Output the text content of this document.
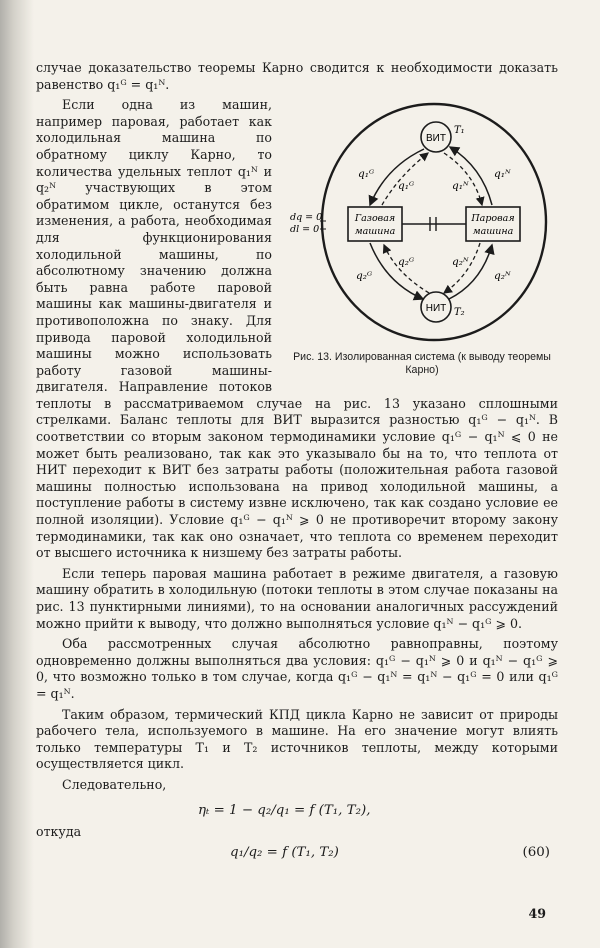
случае доказательство теоремы Карно сводится к необходимости доказать равенство q₁ᴳ = q₁ᴺ.

ВИТ
T₁
НИТ T₂
Газовая
машина
Паровая
машина
dq = 0
dl = 0
q₁ᴳ
q₁ᴳ	q₁ᴺ
q₁ᴺ
q₂ᴳ
q₂ᴳ	q₂ᴺ
q₂ᴺ
Рис. 13. Изолированная система (к выводу теоремы Карно)

Если одна из машин, например паровая, работает как холодильная машина по обратному циклу Карно, то количества удельных теплот q₁ᴺ и q₂ᴺ участвующих в этом обратимом цикле, останутся без изменения, а работа, необходимая для функционирования холодильной машины, по абсолютному значению должна быть равна работе паровой машины как машины-двигателя и противоположна по знаку. Для привода паровой холодильной машины можно использовать работу газовой машины-двигателя. Направление потоков теплоты в рассматриваемом случае на рис. 13 указано сплошными стрелками. Баланс теплоты для ВИТ выразится разностью q₁ᴳ − q₁ᴺ. В соответствии со вторым законом термодинамики условие q₁ᴳ − q₁ᴺ ⩽ 0 не может быть реализовано, так как это указывало бы на то, что теплота от НИТ переходит к ВИТ без затраты работы (положительная работа газовой машины полностью использована на привод холодильной машины, а поступление работы в систему извне исключено, так как создано условие ее полной изоляции). Условие q₁ᴳ − q₁ᴺ ⩾ 0 не противоречит второму закону термодинамики, так как оно означает, что теплота со временем переходит от высшего источника к низшему без затраты работы.

Если теперь паровая машина работает в режиме двигателя, а газовую машину обратить в холодильную (потоки теплоты в этом случае показаны на рис. 13 пунктирными линиями), то на основании аналогичных рассуждений можно прийти к выводу, что должно выполняться условие q₁ᴺ − q₁ᴳ ⩾ 0.

Оба рассмотренных случая абсолютно равноправны, поэтому одновременно должны выполняться два условия: q₁ᴳ − q₁ᴺ ⩾ 0 и q₁ᴺ − q₁ᴳ ⩾ 0, что возможно только в том случае, когда q₁ᴳ − q₁ᴺ = q₁ᴺ − q₁ᴳ = 0 или q₁ᴳ = q₁ᴺ.

Таким образом, термический КПД цикла Карно не зависит от природы рабочего тела, используемого в машине. На его значение могут влиять только температуры T₁ и T₂ источников теплоты, между которыми осуществляется цикл.

Следовательно,

ηₜ = 1 − q₂/q₁ = f (T₁, T₂),
откуда
q₁/q₂ = f (T₁, T₂)	(60)
49
